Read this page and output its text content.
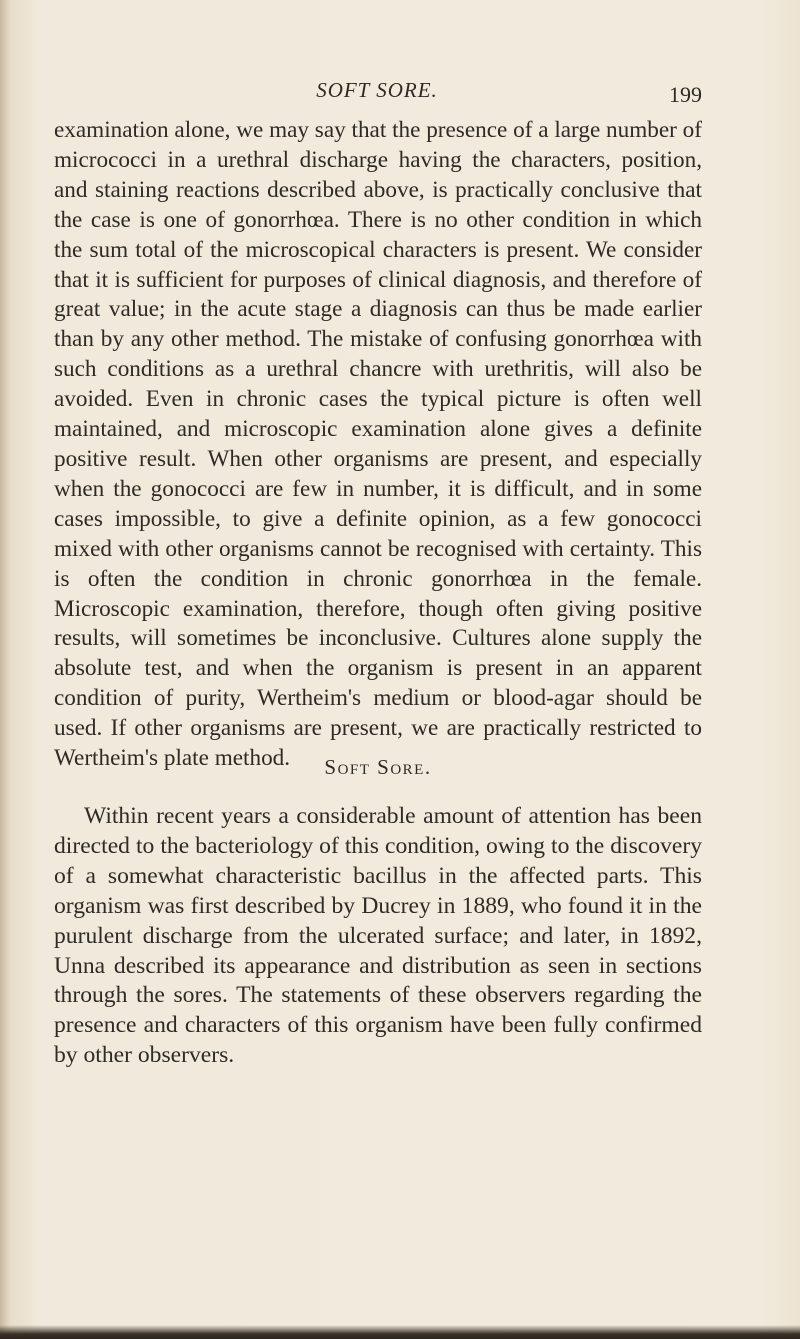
SOFT SORE.	199

examination alone, we may say that the presence of a large number of micrococci in a urethral discharge having the characters, position, and staining reactions described above, is practically conclusive that the case is one of gonorrhœa. There is no other condition in which the sum total of the microscopical characters is present. We consider that it is sufficient for purposes of clinical diagnosis, and therefore of great value; in the acute stage a diagnosis can thus be made earlier than by any other method. The mistake of confusing gonorrhœa with such conditions as a urethral chancre with urethritis, will also be avoided. Even in chronic cases the typical picture is often well maintained, and microscopic examination alone gives a definite positive result. When other organisms are present, and especially when the gonococci are few in number, it is difficult, and in some cases impossible, to give a definite opinion, as a few gonococci mixed with other organisms cannot be recognised with certainty. This is often the condition in chronic gonorrhœa in the female. Microscopic examination, therefore, though often giving positive results, will sometimes be inconclusive. Cultures alone supply the absolute test, and when the organism is present in an apparent condition of purity, Wertheim's medium or blood-agar should be used. If other organisms are present, we are practically restricted to Wertheim's plate method.	Soft Sore.

Within recent years a considerable amount of attention has been directed to the bacteriology of this condition, owing to the discovery of a somewhat characteristic bacillus in the affected parts. This organism was first described by Ducrey in 1889, who found it in the purulent discharge from the ulcerated surface; and later, in 1892, Unna described its appearance and distribution as seen in sections through the sores. The statements of these observers regarding the presence and characters of this organism have been fully confirmed by other observers.
